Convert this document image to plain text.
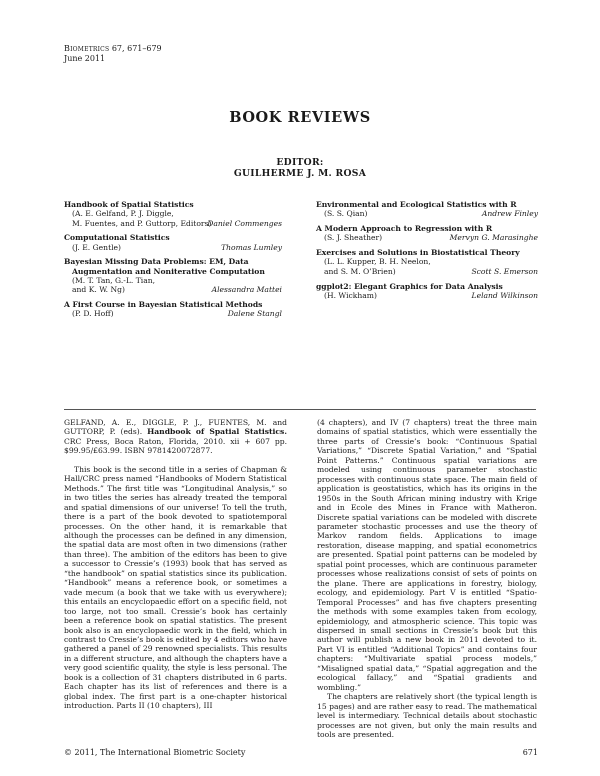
Biometrics 67, 671–679
June 2011
BOOK REVIEWS
EDITOR:
GUILHERME J. M. ROSA
Handbook of Spatial Statistics
(A. E. Gelfand, P. J. Diggle,
M. Fuentes, and P. Guttorp, Editors)
Daniel Commenges
Computational Statistics
(J. E. Gentle)	Thomas Lumley
Bayesian Missing Data Problems: EM, Data Augmentation and Noniterative Computation
(M. T. Tan, G.-L. Tian,
and K. W. Ng)	Alessandra Mattei
A First Course in Bayesian Statistical Methods
(P. D. Hoff)	Dalene Stangl
Environmental and Ecological Statistics with R
(S. S. Qian)	Andrew Finley
A Modern Approach to Regression with R
(S. J. Sheather)	Mervyn G. Marasinghe
Exercises and Solutions in Biostatistical Theory
(L. L. Kupper, B. H. Neelon,
and S. M. O’Brien)	Scott S. Emerson
ggplot2: Elegant Graphics for Data Analysis
(H. Wickham)	Leland Wilkinson

GELFAND, A. E., DIGGLE, P. J., FUENTES, M. and GUTTORP, P. (eds). Handbook of Spatial Statistics. CRC Press, Boca Raton, Florida, 2010. xii + 607 pp. $99.95/£63.99. ISBN 9781420072877.

This book is the second title in a series of Chapman & Hall/CRC press named “Handbooks of Modern Statistical Methods.” The first title was “Longitudinal Analysis,” so in two titles the series has already treated the temporal and spatial dimensions of our universe! To tell the truth, there is a part of the book devoted to spatiotemporal processes. On the other hand, it is remarkable that although the processes can be defined in any dimension, the spatial data are most often in two dimensions (rather than three). The ambition of the editors has been to give a successor to Cressie’s (1993) book that has served as “the handbook” on spatial statistics since its publication. “Handbook” means a reference book, or sometimes a vade mecum (a book that we take with us everywhere); this entails an encyclopaedic effort on a specific field, not too large, not too small. Cressie’s book has certainly been a reference book on spatial statistics. The present book also is an encyclopaedic work in the field, which in contrast to Cressie’s book is edited by 4 editors who have gathered a panel of 29 renowned specialists. This results in a different structure, and although the chapters have a very good scientific quality, the style is less personal. The book is a collection of 31 chapters distributed in 6 parts. Each chapter has its list of references and there is a global index. The first part is a one-chapter historical introduction. Parts II (10 chapters), III

(4 chapters), and IV (7 chapters) treat the three main domains of spatial statistics, which were essentially the three parts of Cressie’s book: “Continuous Spatial Variations,” “Discrete Spatial Variation,” and “Spatial Point Patterns.” Continuous spatial variations are modeled using continuous parameter stochastic processes with continuous state space. The main field of application is geostatistics, which has its origins in the 1950s in the South African mining industry with Krige and in Ecole des Mines in France with Matheron. Discrete spatial variations can be modeled with discrete parameter stochastic processes and use the theory of Markov random fields. Applications to image restoration, disease mapping, and spatial econometrics are presented. Spatial point patterns can be modeled by spatial point processes, which are continuous parameter processes whose realizations consist of sets of points on the plane. There are applications in forestry, biology, ecology, and epidemiology. Part V is entitled “Spatio-Temporal Processes” and has five chapters presenting the methods with some examples taken from ecology, epidemiology, and atmospheric science. This topic was dispersed in small sections in Cressie’s book but this author will publish a new book in 2011 devoted to it. Part VI is entitled “Additional Topics” and contains four chapters: “Multivariate spatial process models,” “Misaligned spatial data,” “Spatial aggregation and the ecological fallacy,” and “Spatial gradients and wombling.”

The chapters are relatively short (the typical length is 15 pages) and are rather easy to read. The mathematical level is intermediary. Technical details about stochastic processes are not given, but only the main results and tools are presented.

© 2011, The International Biometric Society	671
